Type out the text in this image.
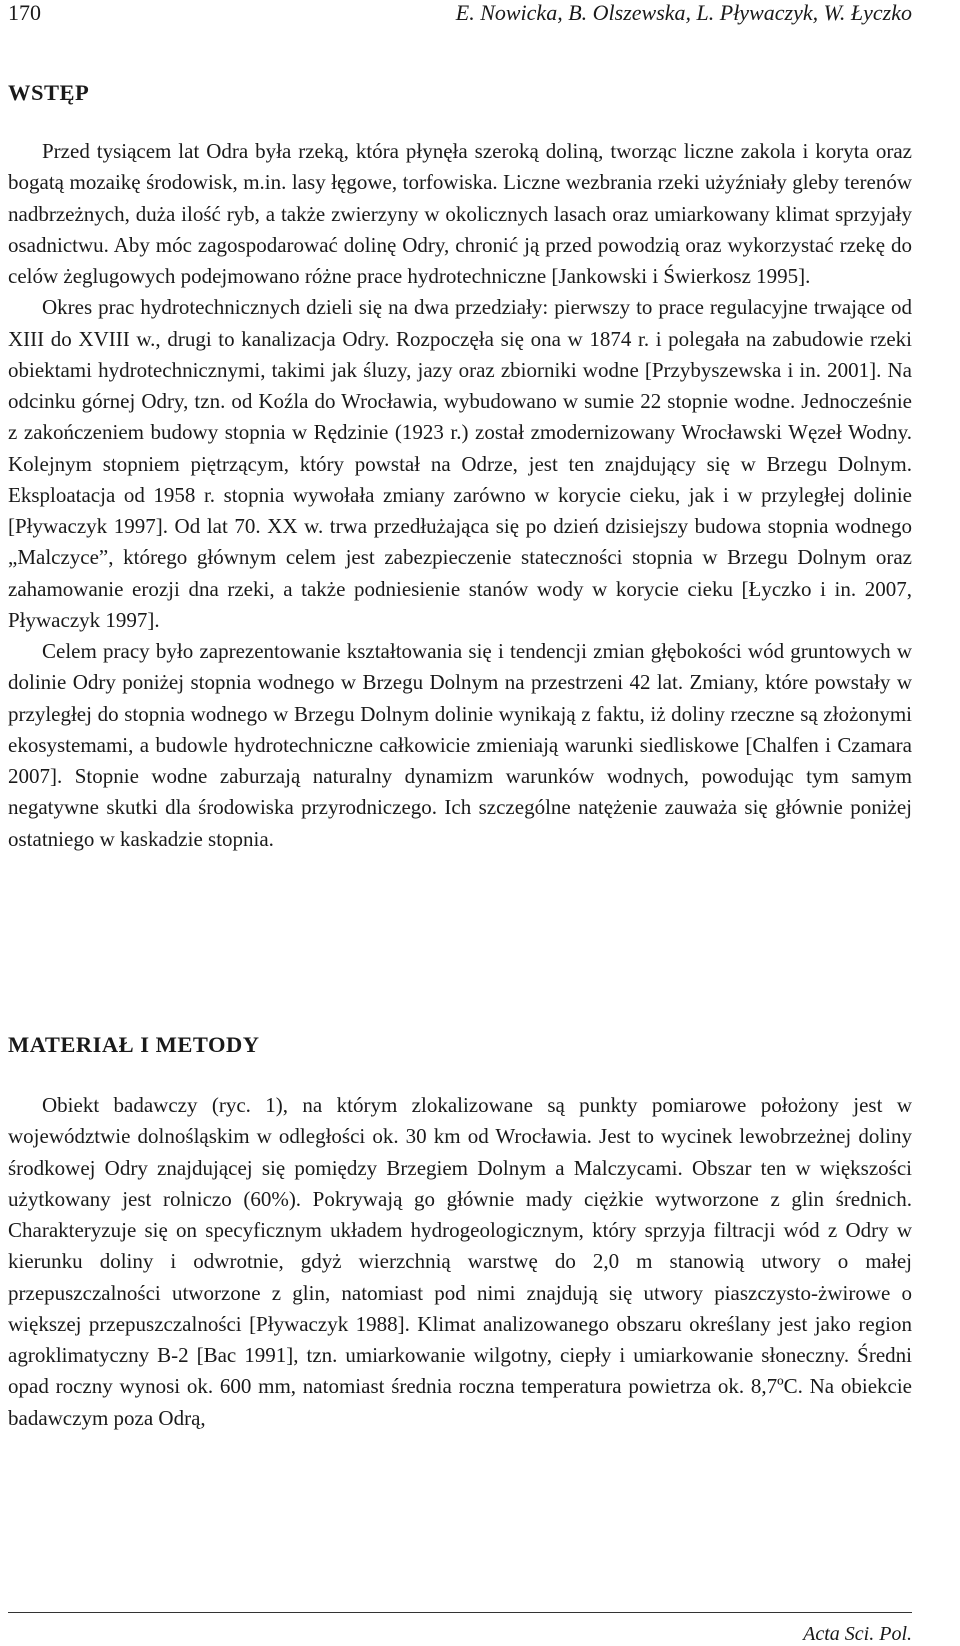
170	E. Nowicka, B. Olszewska, L. Pływaczyk, W. Łyczko
WSTĘP

Przed tysiącem lat Odra była rzeką, która płynęła szeroką doliną, tworząc liczne zakola i koryta oraz bogatą mozaikę środowisk, m.in. lasy łęgowe, torfowiska. Liczne wezbrania rzeki użyźniały gleby terenów nadbrzeżnych, duża ilość ryb, a także zwierzyny w okolicznych lasach oraz umiarkowany klimat sprzyjały osadnictwu. Aby móc zagospodarować dolinę Odry, chronić ją przed powodzią oraz wykorzystać rzekę do celów żeglugowych podejmowano różne prace hydrotechniczne [Jankowski i Świerkosz 1995].

Okres prac hydrotechnicznych dzieli się na dwa przedziały: pierwszy to prace regulacyjne trwające od XIII do XVIII w., drugi to kanalizacja Odry. Rozpoczęła się ona w 1874 r. i polegała na zabudowie rzeki obiektami hydrotechnicznymi, takimi jak śluzy, jazy oraz zbiorniki wodne [Przybyszewska i in. 2001]. Na odcinku górnej Odry, tzn. od Koźla do Wrocławia, wybudowano w sumie 22 stopnie wodne. Jednocześnie z zakończeniem budowy stopnia w Rędzinie (1923 r.) został zmodernizowany Wrocławski Węzeł Wodny. Kolejnym stopniem piętrzącym, który powstał na Odrze, jest ten znajdujący się w Brzegu Dolnym. Eksploatacja od 1958 r. stopnia wywołała zmiany zarówno w korycie cieku, jak i w przyległej dolinie [Pływaczyk 1997]. Od lat 70. XX w. trwa przedłużająca się po dzień dzisiejszy budowa stopnia wodnego „Malczyce”, którego głównym celem jest zabezpieczenie stateczności stopnia w Brzegu Dolnym oraz zahamowanie erozji dna rzeki, a także podniesienie stanów wody w korycie cieku [Łyczko i in. 2007, Pływaczyk 1997].

Celem pracy było zaprezentowanie kształtowania się i tendencji zmian głębokości wód gruntowych w dolinie Odry poniżej stopnia wodnego w Brzegu Dolnym na przestrzeni 42 lat. Zmiany, które powstały w przyległej do stopnia wodnego w Brzegu Dolnym dolinie wynikają z faktu, iż doliny rzeczne są złożonymi ekosystemami, a budowle hydrotechniczne całkowicie zmieniają warunki siedliskowe [Chalfen i Czamara 2007]. Stopnie wodne zaburzają naturalny dynamizm warunków wodnych, powodując tym samym negatywne skutki dla środowiska przyrodniczego. Ich szczególne natężenie zauważa się głównie poniżej ostatniego w kaskadzie stopnia.

MATERIAŁ I METODY

Obiekt badawczy (ryc. 1), na którym zlokalizowane są punkty pomiarowe położony jest w województwie dolnośląskim w odległości ok. 30 km od Wrocławia. Jest to wycinek lewobrzeżnej doliny środkowej Odry znajdującej się pomiędzy Brzegiem Dolnym a Malczycami. Obszar ten w większości użytkowany jest rolniczo (60%). Pokrywają go głównie mady ciężkie wytworzone z glin średnich. Charakteryzuje się on specyficznym układem hydrogeologicznym, który sprzyja filtracji wód z Odry w kierunku doliny i odwrotnie, gdyż wierzchnią warstwę do 2,0 m stanowią utwory o małej przepuszczalności utworzone z glin, natomiast pod nimi znajdują się utwory piaszczysto-żwirowe o większej przepuszczalności [Pływaczyk 1988]. Klimat analizowanego obszaru określany jest jako region agroklimatyczny B-2 [Bac 1991], tzn. umiarkowanie wilgotny, ciepły i umiarkowanie słoneczny. Średni opad roczny wynosi ok. 600 mm, natomiast średnia roczna temperatura powietrza ok. 8,7ºC. Na obiekcie badawczym poza Odrą,

Acta Sci. Pol.
